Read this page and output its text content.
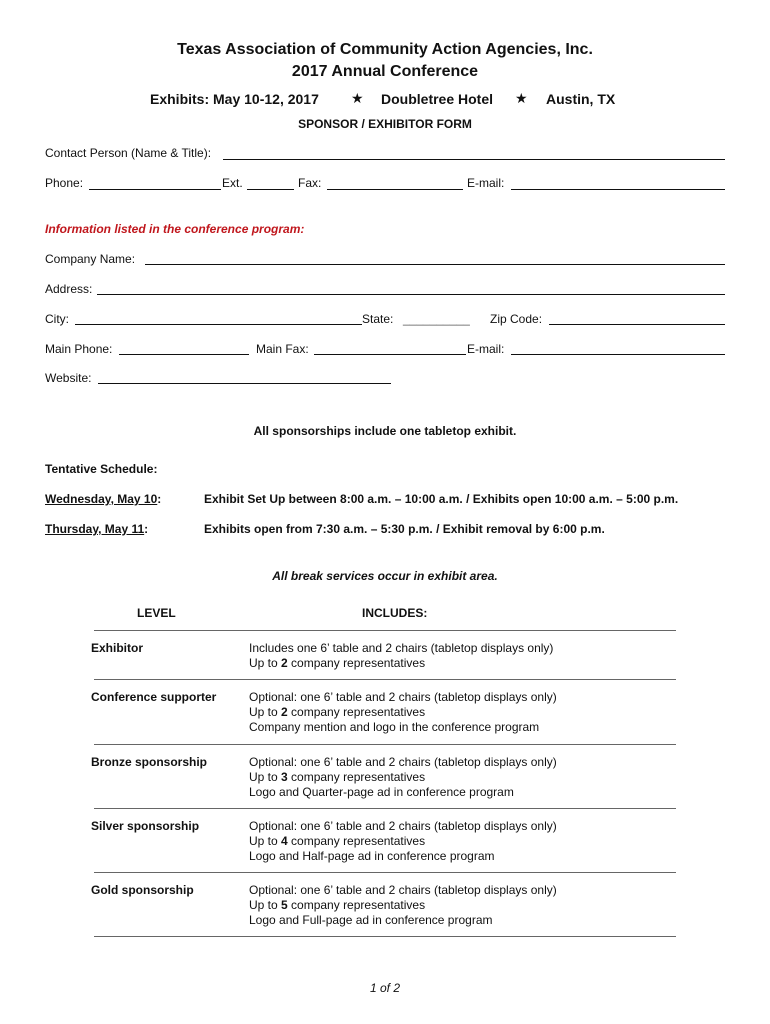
Texas Association of Community Action Agencies, Inc.
2017 Annual Conference
Exhibits: May 10-12, 2017 ★ Doubletree Hotel ★ Austin, TX
SPONSOR / EXHIBITOR FORM
Contact Person (Name & Title):
Phone:	Ext.	Fax:	E-mail:
Information listed in the conference program:
Company Name:
Address:
City:	State: __________ Zip Code:
Main Phone:	Main Fax:	E-mail:
Website:
All sponsorships include one tabletop exhibit.
Tentative Schedule:
Wednesday, May 10:	Exhibit Set Up between 8:00 a.m. – 10:00 a.m. / Exhibits open 10:00 a.m. – 5:00 p.m.
Thursday, May 11:	Exhibits open from 7:30 a.m. – 5:30 p.m. / Exhibit removal by 6:00 p.m.
All break services occur in exhibit area.
LEVEL	INCLUDES:
Exhibitor	Includes one 6’ table and 2 chairs (tabletop displays only)
Up to 2 company representatives
Conference supporter	Optional: one 6’ table and 2 chairs (tabletop displays only)
Up to 2 company representatives
Company mention and logo in the conference program
Bronze sponsorship	Optional: one 6’ table and 2 chairs (tabletop displays only)
Up to 3 company representatives
Logo and Quarter-page ad in conference program
Silver sponsorship	Optional: one 6’ table and 2 chairs (tabletop displays only)
Up to 4 company representatives
Logo and Half-page ad in conference program
Gold sponsorship	Optional: one 6’ table and 2 chairs (tabletop displays only)
Up to 5 company representatives
Logo and Full-page ad in conference program
1 of 2
